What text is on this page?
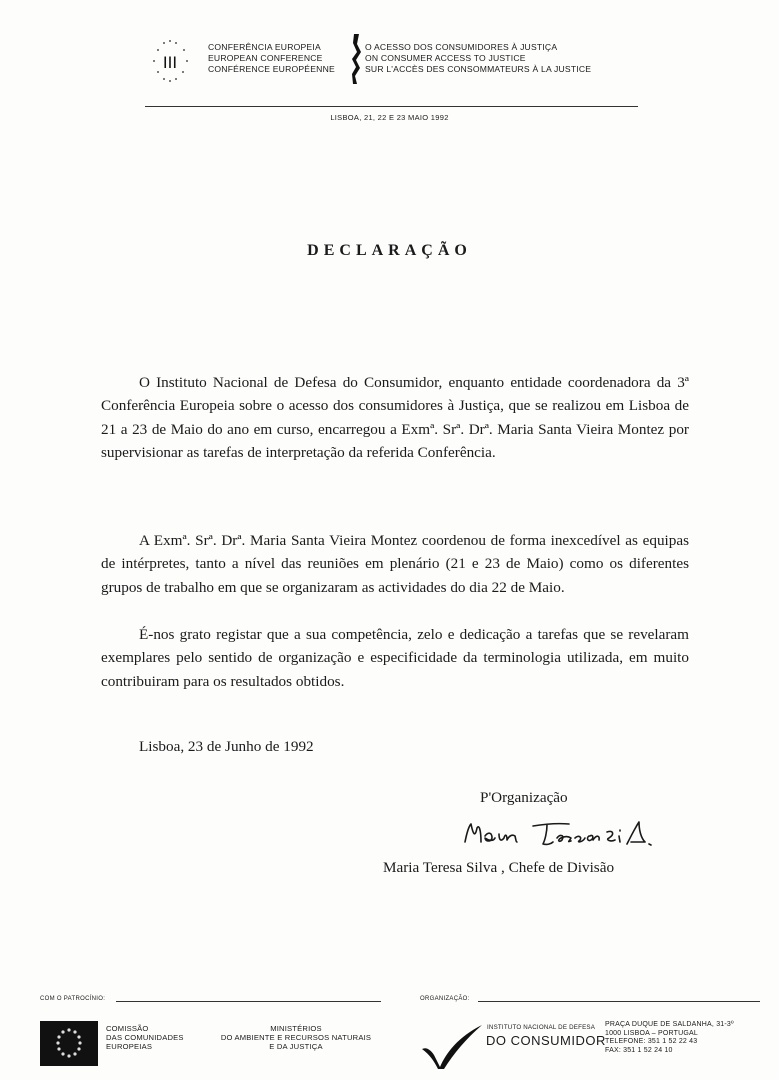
III
CONFERÊNCIA EUROPEIA
EUROPEAN CONFERENCE
CONFÉRENCE EUROPÉENNE
O ACESSO DOS CONSUMIDORES À JUSTIÇA
ON CONSUMER ACCESS TO JUSTICE
SUR L'ACCÈS DES CONSOMMATEURS À LA JUSTICE
LISBOA, 21, 22 E 23 MAIO 1992
DECLARAÇÃO
O Instituto Nacional de Defesa do Consumidor, enquanto entidade coordenadora da 3ª Conferência Europeia sobre o acesso dos consumidores à Justiça, que se realizou em Lisboa de 21 a 23 de Maio do ano em curso, encarregou a Exmª. Srª. Drª. Maria Santa Vieira Montez por supervisionar as tarefas de interpretação da referida Conferência.
A Exmª. Srª. Drª. Maria Santa Vieira Montez coordenou de forma inexcedível as equipas de intérpretes, tanto a nível das reuniões em plenário (21 e 23 de Maio) como os diferentes grupos de trabalho em que se organizaram as actividades do dia 22 de Maio.
É-nos grato registar que a sua competência, zelo e dedicação a tarefas que se revelaram exemplares pelo sentido de organização e especificidade da terminologia utilizada, em muito contribuiram para os resultados obtidos.
Lisboa, 23 de Junho de 1992
P'Organização
Maria Teresa Silva , Chefe de Divisão
COM O PATROCÍNIO:	ORGANIZAÇÃO:
COMISSÃO
DAS COMUNIDADES
EUROPEIAS
MINISTÉRIOS
DO AMBIENTE E RECURSOS NATURAIS
E DA JUSTIÇA
INSTITUTO NACIONAL DE DEFESA
DO CONSUMIDOR
PRAÇA DUQUE DE SALDANHA, 31-3º
1000 LISBOA – PORTUGAL
TELEFONE: 351 1 52 22 43
FAX: 351 1 52 24 10
